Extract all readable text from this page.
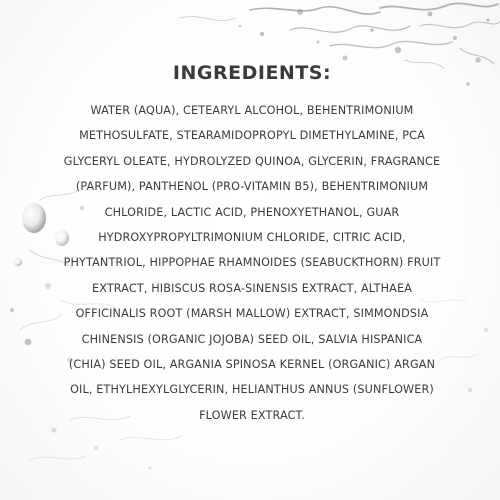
INGREDIENTS:

WATER (AQUA), CETEARYL ALCOHOL, BEHENTRIMONIUM
METHOSULFATE, STEARAMIDOPROPYL DIMETHYLAMINE, PCA
GLYCERYL OLEATE, HYDROLYZED QUINOA, GLYCERIN, FRAGRANCE
(PARFUM), PANTHENOL (PRO-VITAMIN B5), BEHENTRIMONIUM
CHLORIDE, LACTIC ACID, PHENOXYETHANOL, GUAR
HYDROXYPROPYLTRIMONIUM CHLORIDE, CITRIC ACID,
PHYTANTRIOL, HIPPOPHAE RHAMNOIDES (SEABUCKTHORN) FRUIT
EXTRACT, HIBISCUS ROSA-SINENSIS EXTRACT, ALTHAEA
OFFICINALIS ROOT (MARSH MALLOW) EXTRACT, SIMMONDSIA
CHINENSIS (ORGANIC JOJOBA) SEED OIL, SALVIA HISPANICA
(CHIA) SEED OIL, ARGANIA SPINOSA KERNEL (ORGANIC) ARGAN
OIL, ETHYLHEXYLGLYCERIN, HELIANTHUS ANNUS (SUNFLOWER)
FLOWER EXTRACT.
